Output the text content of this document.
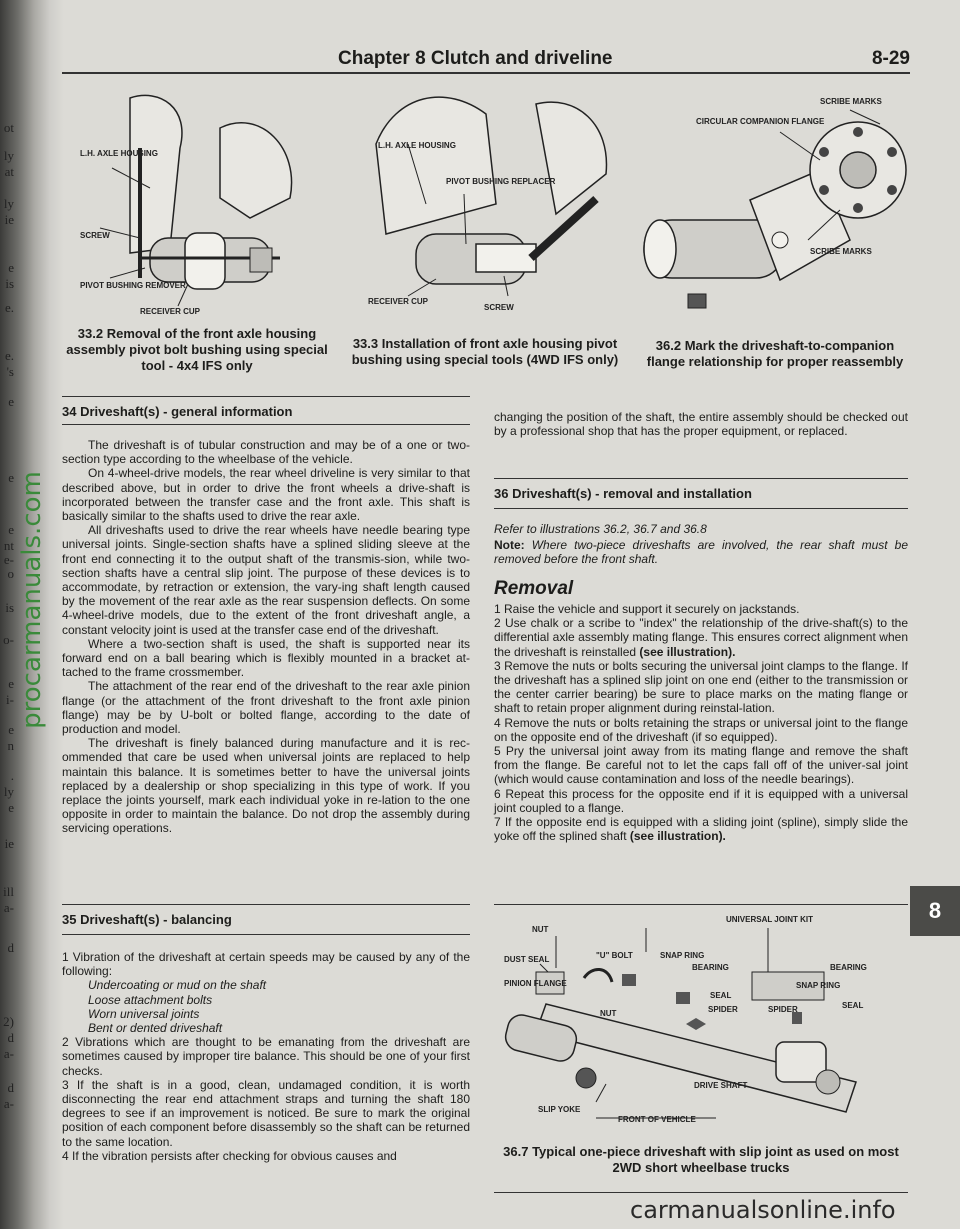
ot
ly
at
ly
ie
e
is
e.
e.
's
e
e
e
nt
e-
o
is
o-
e
i-
e
n
.
ly
e
ie
ill
a-
d
2)
d
a-
d
a-
procarmanuals.com
Chapter 8 Clutch and driveline	8-29
L.H. AXLE HOUSING
SCREW
PIVOT BUSHING REMOVER
RECEIVER CUP
33.2 Removal of the front axle housing assembly pivot bolt bushing using special tool - 4x4 IFS only
L.H. AXLE HOUSING
PIVOT BUSHING REPLACER
RECEIVER CUP
SCREW
33.3 Installation of front axle housing pivot bushing using special tools (4WD IFS only)
SCRIBE MARKS
CIRCULAR COMPANION FLANGE
SCRIBE MARKS
36.2 Mark the driveshaft-to-companion flange relationship for proper reassembly
34 Driveshaft(s) - general information

The driveshaft is of tubular construction and may be of a one or two-section type according to the wheelbase of the vehicle.

On 4-wheel-drive models, the rear wheel driveline is very similar to that described above, but in order to drive the front wheels a drive-shaft is incorporated between the transfer case and the front axle. This shaft is basically similar to the shafts used to drive the rear axle.

All driveshafts used to drive the rear wheels have needle bearing type universal joints. Single-section shafts have a splined sliding sleeve at the front end connecting it to the output shaft of the transmis-sion, while two-section shafts have a central slip joint. The purpose of these devices is to accommodate, by retraction or extension, the vary-ing shaft length caused by the movement of the rear axle as the rear suspension deflects. On some 4-wheel-drive models, due to the extent of the front driveshaft angle, a constant velocity joint is used at the transfer case end of the driveshaft.

Where a two-section shaft is used, the shaft is supported near its forward end on a ball bearing which is flexibly mounted in a bracket at-tached to the frame crossmember.

The attachment of the rear end of the driveshaft to the rear axle pinion flange (or the attachment of the front driveshaft to the front axle pinion flange) may be by U-bolt or bolted flange, according to the date of production and model.

The driveshaft is finely balanced during manufacture and it is rec-ommended that care be used when universal joints are replaced to help maintain this balance. It is sometimes better to have the universal joints replaced by a dealership or shop specializing in this type of work. If you replace the joints yourself, mark each individual yoke in re-lation to the one opposite in order to maintain the balance. Do not drop the assembly during servicing operations.

35 Driveshaft(s) - balancing

1 Vibration of the driveshaft at certain speeds may be caused by any of the following:

Undercoating or mud on the shaft

Loose attachment bolts

Worn universal joints

Bent or dented driveshaft

2 Vibrations which are thought to be emanating from the driveshaft are sometimes caused by improper tire balance. This should be one of your first checks.

3 If the shaft is in a good, clean, undamaged condition, it is worth disconnecting the rear end attachment straps and turning the shaft 180 degrees to see if an improvement is noticed. Be sure to mark the original position of each component before disassembly so the shaft can be returned to the same location.

4 If the vibration persists after checking for obvious causes and

changing the position of the shaft, the entire assembly should be checked out by a professional shop that has the proper equipment, or replaced.
36 Driveshaft(s) - removal and installation
Refer to illustrations 36.2, 36.7 and 36.8
Note: Where two-piece driveshafts are involved, the rear shaft must be removed before the front shaft.
Removal

1 Raise the vehicle and support it securely on jackstands.

2 Use chalk or a scribe to "index" the relationship of the drive-shaft(s) to the differential axle assembly mating flange. This ensures correct alignment when the driveshaft is reinstalled (see illustration).

3 Remove the nuts or bolts securing the universal joint clamps to the flange. If the driveshaft has a splined slip joint on one end (either to the transmission or the center carrier bearing) be sure to place marks on the mating flange or shaft to retain proper alignment during reinstal-lation.

4 Remove the nuts or bolts retaining the straps or universal joint to the flange on the opposite end of the driveshaft (if so equipped).

5 Pry the universal joint away from its mating flange and remove the shaft from the flange. Be careful not to let the caps fall off of the univer-sal joint (which would cause contamination and loss of the needle bearings).

6 Repeat this process for the opposite end if it is equipped with a universal joint coupled to a flange.

7 If the opposite end is equipped with a sliding joint (spline), simply slide the yoke off the splined shaft (see illustration).

UNIVERSAL JOINT KIT
NUT
DUST SEAL	"U" BOLT	SNAP RING
BEARING	BEARING
SNAP RING
PINION FLANGE
SEAL
SEAL
SPIDER	SPIDER
NUT
DRIVE SHAFT
SLIP YOKE
FRONT OF VEHICLE
36.7 Typical one-piece driveshaft with slip joint as used on most 2WD short wheelbase trucks
8
carmanualsonline.info
